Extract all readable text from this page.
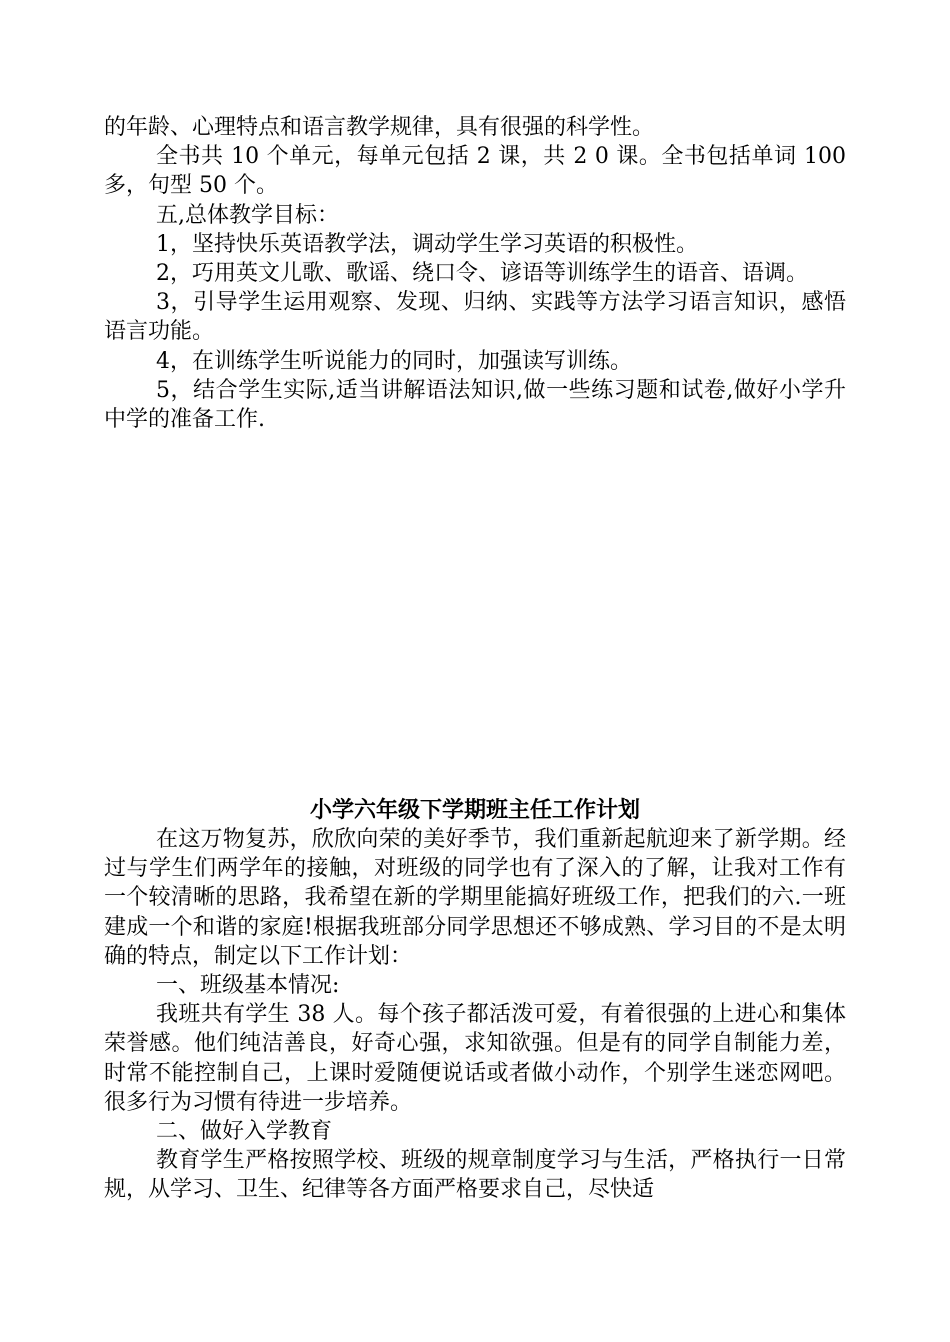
的年龄、心理特点和语言教学规律，具有很强的科学性。

全书共 10 个单元，每单元包括 2 课，共 2 0 课。全书包括单词 100 多，句型 50 个。

五,总体教学目标：

1，坚持快乐英语教学法，调动学生学习英语的积极性。

2，巧用英文儿歌、歌谣、绕口令、谚语等训练学生的语音、语调。

3，引导学生运用观察、发现、归纳、实践等方法学习语言知识，感悟语言功能。

4，在训练学生听说能力的同时，加强读写训练。

5，结合学生实际,适当讲解语法知识,做一些练习题和试卷,做好小学升中学的准备工作.

小学六年级下学期班主任工作计划

在这万物复苏，欣欣向荣的美好季节，我们重新起航迎来了新学期。经过与学生们两学年的接触，对班级的同学也有了深入的了解，让我对工作有一个较清晰的思路，我希望在新的学期里能搞好班级工作，把我们的六.一班建成一个和谐的家庭!根据我班部分同学思想还不够成熟、学习目的不是太明确的特点，制定以下工作计划：

一、班级基本情况:

我班共有学生 38 人。每个孩子都活泼可爱，有着很强的上进心和集体荣誉感。他们纯洁善良，好奇心强，求知欲强。但是有的同学自制能力差，时常不能控制自己，上课时爱随便说话或者做小动作，个别学生迷恋网吧。很多行为习惯有待进一步培养。

二、做好入学教育

教育学生严格按照学校、班级的规章制度学习与生活，严格执行一日常规，从学习、卫生、纪律等各方面严格要求自己，尽快适
